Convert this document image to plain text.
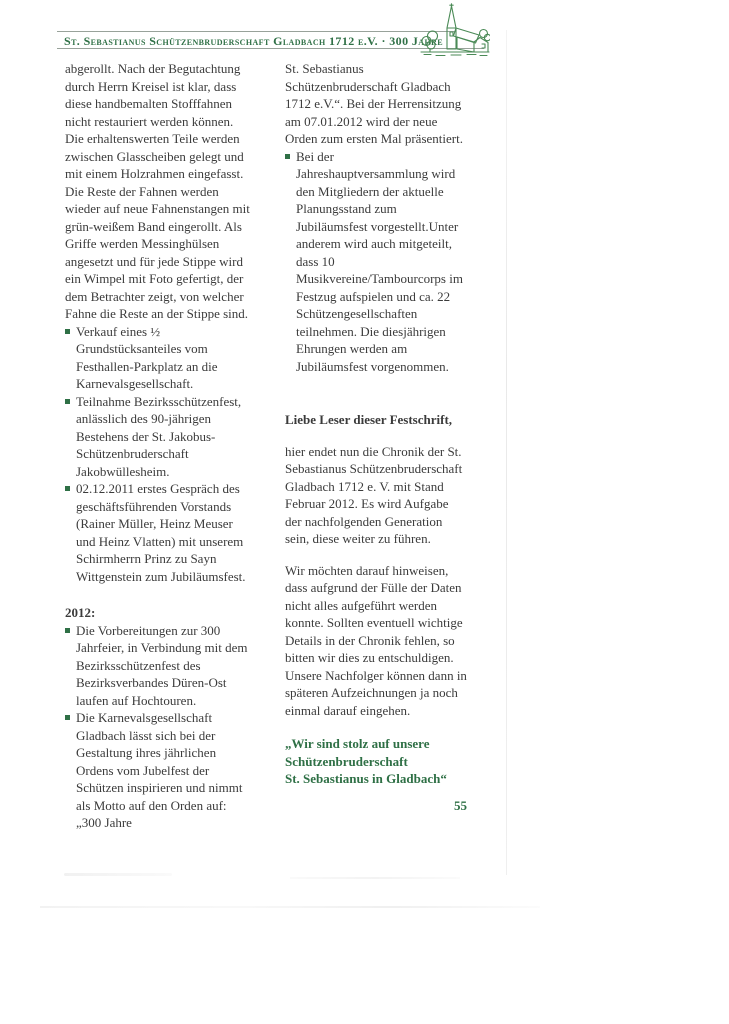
St. Sebastianus Schützenbruderschaft Gladbach 1712 e.V. · 300 Jahre

abgerollt. Nach der Begutachtung durch Herrn Kreisel ist klar, dass diese handbemalten Stofffahnen nicht restauriert werden können. Die erhaltenswerten Teile werden zwischen Glasscheiben gelegt und mit einem Holzrahmen eingefasst. Die Reste der Fahnen werden wieder auf neue Fahnenstangen mit grün-weißem Band eingerollt. Als Griffe werden Messinghülsen angesetzt und für jede Stippe wird ein Wimpel mit Foto gefertigt, der dem Betrachter zeigt, von welcher Fahne die Reste an der Stippe sind.

Verkauf eines ½ Grundstücksanteiles vom Festhallen-Parkplatz an die Karnevalsgesellschaft.
Teilnahme Bezirksschützenfest, anlässlich des 90-jährigen Bestehens der St. Jakobus-Schützenbruderschaft Jakobwüllesheim.
02.12.2011 erstes Gespräch des geschäftsführenden Vorstands (Rainer Müller, Heinz Meuser und Heinz Vlatten) mit unserem Schirmherrn Prinz zu Sayn Wittgenstein zum Jubiläumsfest.
2012:
Die Vorbereitungen zur 300 Jahrfeier, in Verbindung mit dem Bezirksschützenfest des Bezirksverbandes Düren-Ost laufen auf Hochtouren.
Die Karnevalsgesellschaft Gladbach lässt sich bei der Gestaltung ihres jährlichen Ordens vom Jubelfest der Schützen inspirieren und nimmt als Motto auf den Orden auf: „300 Jahre

St. Sebastianus Schützenbruderschaft Gladbach 1712 e.V.“. Bei der Herrensitzung am 07.01.2012 wird der neue Orden zum ersten Mal präsentiert.

Bei der Jahreshauptversammlung wird den Mitgliedern der aktuelle Planungsstand zum Jubiläumsfest vorgestellt.Unter anderem wird auch mitgeteilt, dass 10 Musikvereine/Tambourcorps im Festzug aufspielen und ca. 22 Schützengesellschaften teilnehmen. Die diesjährigen Ehrungen werden am Jubiläumsfest vorgenommen.
Liebe Leser dieser Festschrift,

hier endet nun die Chronik der St. Sebastianus Schützenbruderschaft Gladbach 1712 e. V. mit Stand Februar 2012. Es wird Aufgabe der nachfolgenden Generation sein, diese weiter zu führen.

Wir möchten darauf hinweisen, dass aufgrund der Fülle der Daten nicht alles aufgeführt werden konnte. Sollten eventuell wichtige Details in der Chronik fehlen, so bitten wir dies zu entschuldigen. Unsere Nachfolger können dann in späteren Aufzeichnungen ja noch einmal darauf eingehen.

„Wir sind stolz auf unsere
Schützenbruderschaft
St. Sebastianus in Gladbach“
55
